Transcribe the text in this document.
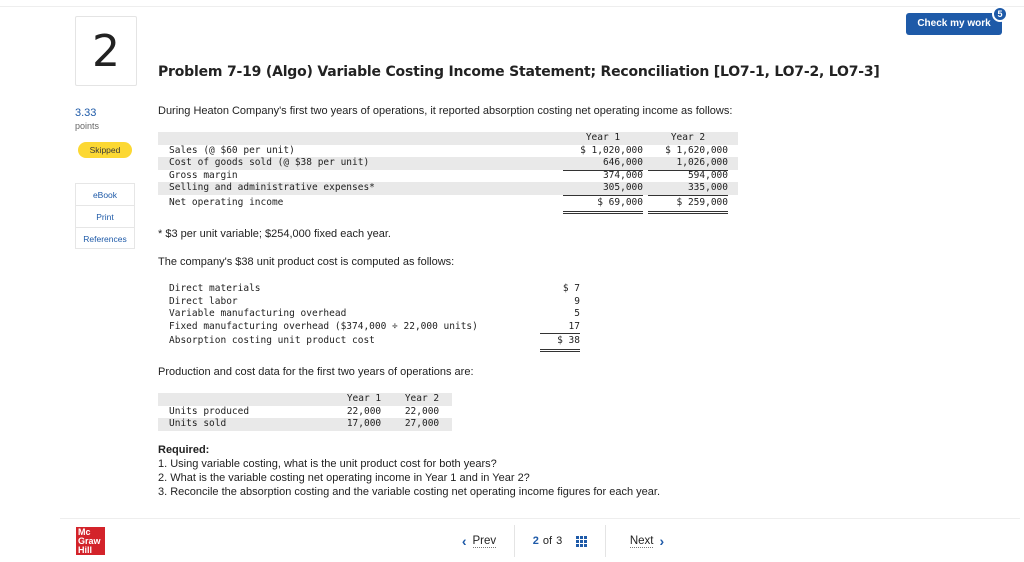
2
3.33
points
Skipped
eBook
Print
References
Problem 7-19 (Algo) Variable Costing Income Statement; Reconciliation [LO7-1, LO7-2, LO7-3]
Check my work
5
During Heaton Company's first two years of operations, it reported absorption costing net operating income as follows:
Year 1	Year 2
Sales (@ $60 per unit)	$ 1,020,000	$ 1,620,000
Cost of goods sold (@ $38 per unit)	646,000	1,026,000
Gross margin	374,000	594,000
Selling and administrative expenses*	305,000	335,000
Net operating income	$ 69,000	$ 259,000
* $3 per unit variable; $254,000 fixed each year.
The company's $38 unit product cost is computed as follows:
Direct materials	$ 7
Direct labor	9
Variable manufacturing overhead	5
Fixed manufacturing overhead ($374,000 ÷ 22,000 units)	17
Absorption costing unit product cost	$ 38
Production and cost data for the first two years of operations are:
Year 1	Year 2
Units produced	22,000	22,000
Units sold	17,000	27,000
Required:
1. Using variable costing, what is the unit product cost for both years?
2. What is the variable costing net operating income in Year 1 and in Year 2?
3. Reconcile the absorption costing and the variable costing net operating income figures for each year.
Mc
Graw
Hill
‹ Prev	2 of 3	Next ›
